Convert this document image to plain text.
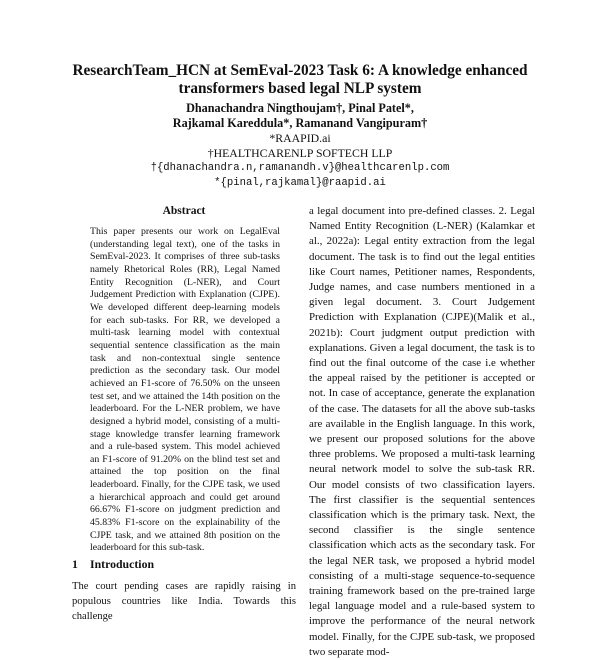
ResearchTeam_HCN at SemEval-2023 Task 6: A knowledge enhanced transformers based legal NLP system
Dhanachandra Ningthoujam†, Pinal Patel*,
Rajkamal Kareddula*, Ramanand Vangipuram†
*RAAPID.ai
†HEALTHCARENLP SOFTECH LLP
†{dhanachandra.n,ramanandh.v}@healthcarenlp.com
*{pinal,rajkamal}@raapid.ai
Abstract
This paper presents our work on LegalEval (understanding legal text), one of the tasks in SemEval-2023. It comprises of three sub-tasks namely Rhetorical Roles (RR), Legal Named Entity Recognition (L-NER), and Court Judgement Prediction with Explanation (CJPE). We developed different deep-learning models for each sub-tasks. For RR, we developed a multi-task learning model with contextual sequential sentence classification as the main task and non-contextual single sentence prediction as the secondary task. Our model achieved an F1-score of 76.50% on the unseen test set, and we attained the 14th position on the leaderboard. For the L-NER problem, we have designed a hybrid model, consisting of a multi-stage knowledge transfer learning framework and a rule-based system. This model achieved an F1-score of 91.20% on the blind test set and attained the top position on the final leaderboard. Finally, for the CJPE task, we used a hierarchical approach and could get around 66.67% F1-score on judgment prediction and 45.83% F1-score on the explainability of the CJPE task, and we attained 8th position on the leaderboard for this sub-task.
1 Introduction
The court pending cases are rapidly raising in populous countries like India. Towards this challenge
a legal document into pre-defined classes. 2. Legal Named Entity Recognition (L-NER) (Kalamkar et al., 2022a): Legal entity extraction from the legal document. The task is to find out the legal entities like Court names, Petitioner names, Respondents, Judge names, and case numbers mentioned in a given legal document. 3. Court Judgement Prediction with Explanation (CJPE)(Malik et al., 2021b): Court judgment output prediction with explanations. Given a legal document, the task is to find out the final outcome of the case i.e whether the appeal raised by the petitioner is accepted or not. In case of acceptance, generate the explanation of the case. The datasets for all the above sub-tasks are available in the English language. In this work, we present our proposed solutions for the above three problems. We proposed a multi-task learning neural network model to solve the sub-task RR. Our model consists of two classification layers. The first classifier is the sequential sentences classification which is the primary task. Next, the second classifier is the single sentence classification which acts as the secondary task. For the legal NER task, we proposed a hybrid model consisting of a multi-stage sequence-to-sequence training framework based on the pre-trained large legal language model and a rule-based system to improve the performance of the neural network model. Finally, for the CJPE sub-task, we proposed two separate mod-
